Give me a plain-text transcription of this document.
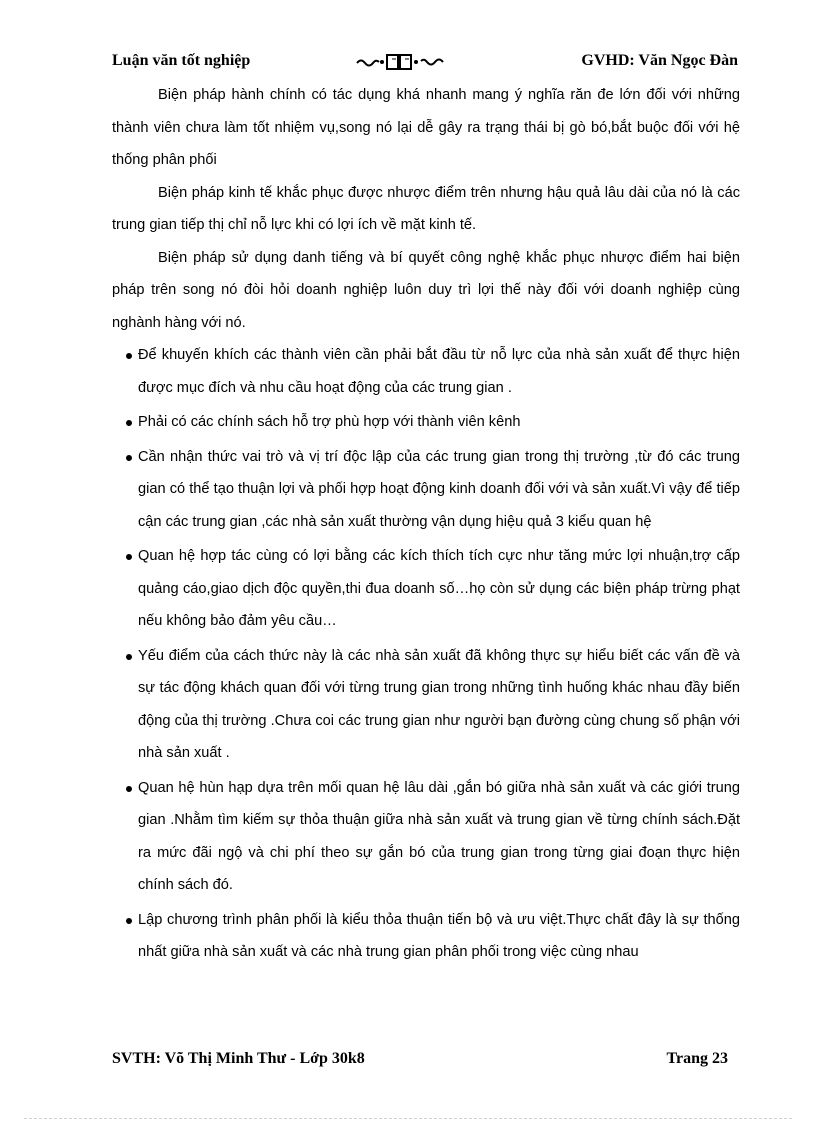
Luận văn tốt nghiệp	GVHD: Văn Ngọc Đàn

Biện pháp hành chính có tác dụng khá nhanh mang ý nghĩa răn đe lớn đối với những thành viên chưa làm tốt nhiệm vụ,song nó lại dễ gây ra trạng thái bị gò bó,bắt buộc đối với hệ thống phân phối

Biện pháp kinh tế khắc phục được nhược điểm trên nhưng hậu quả lâu dài của nó là các trung gian tiếp thị chỉ nỗ lực khi có lợi ích về mặt kinh tế.

Biện pháp sử dụng danh tiếng và bí quyết công nghệ khắc phục nhược điểm hai biện pháp trên song nó đòi hỏi doanh nghiệp luôn duy trì lợi thế này đối với doanh nghiệp cùng nghành hàng với nó.

Để khuyến khích các thành viên cần phải bắt đầu từ nỗ lực của nhà sản xuất để thực hiện được mục đích và nhu cầu hoạt động của các trung gian .
Phải có các chính sách hỗ trợ phù hợp với thành viên kênh
Cần nhận thức vai trò và vị trí độc lập của các trung gian trong thị trường ,từ đó các trung gian có thể tạo thuận lợi và phối hợp hoạt động kinh doanh đối với và sản xuất.Vì vậy để tiếp cận các trung gian ,các nhà sản xuất thường vận dụng hiệu quả 3 kiểu quan hệ
Quan hệ hợp tác cùng có lợi bằng các kích thích tích cực như tăng mức lợi nhuận,trợ cấp quảng cáo,giao dịch độc quyền,thi đua doanh số…họ còn sử dụng các biện pháp trừng phạt nếu không bảo đảm yêu cầu…
Yếu điểm của cách thức này là các nhà sản xuất đã không thực sự hiểu biết các vấn đề và sự tác động khách quan đối với từng trung gian trong những tình huống khác nhau đầy biến động của thị trường .Chưa coi các trung gian như người bạn đường cùng chung số phận với nhà sản xuất .
Quan hệ hùn hạp dựa trên mối quan hệ lâu dài ,gắn bó giữa nhà sản xuất và các giới trung gian .Nhằm tìm kiếm sự thỏa thuận giữa nhà sản xuất và trung gian về từng chính sách.Đặt ra mức đãi ngộ và chi phí theo sự gắn bó của trung gian trong từng giai đoạn thực hiện chính sách đó.
Lập chương trình phân phối là kiểu thỏa thuận tiến bộ và ưu việt.Thực chất đây là sự thống nhất giữa nhà sản xuất và các nhà trung gian phân phối trong việc cùng nhau
SVTH: Võ Thị Minh Thư - Lớp 30k8	Trang 23
